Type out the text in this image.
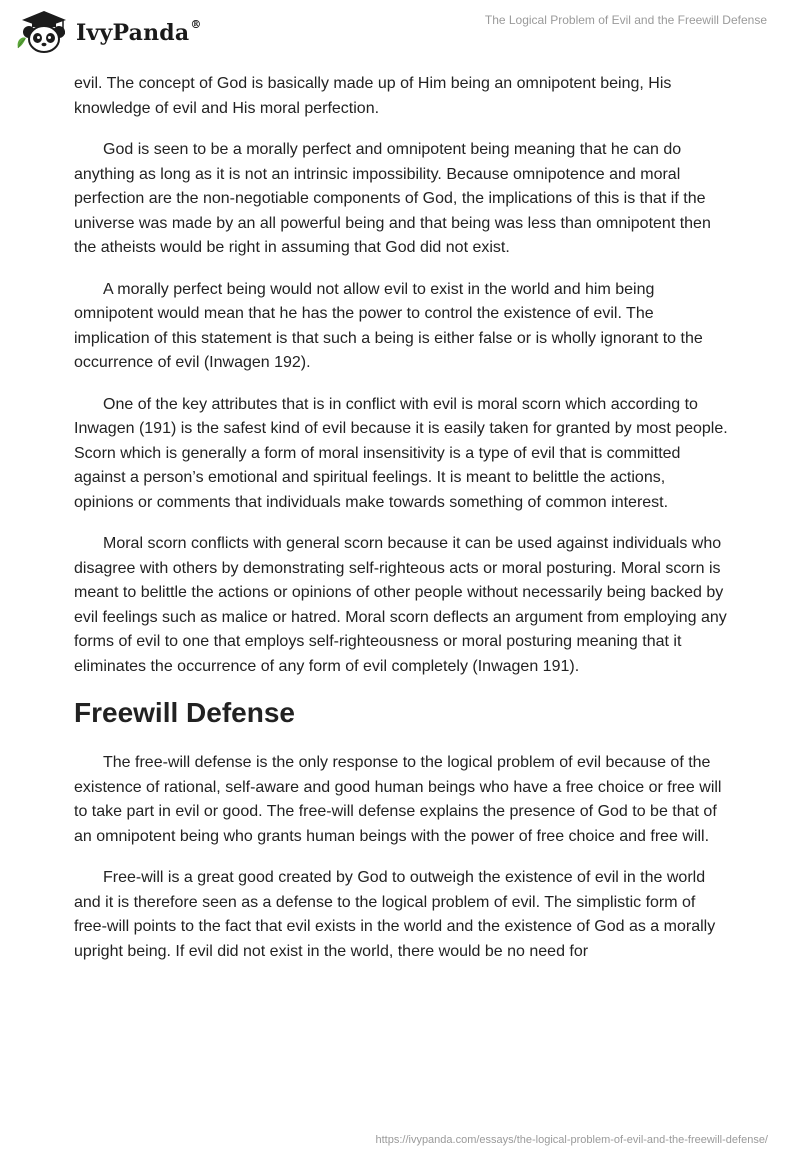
IvyPanda®	The Logical Problem of Evil and the Freewill Defense

evil. The concept of God is basically made up of Him being an omnipotent being, His knowledge of evil and His moral perfection.

God is seen to be a morally perfect and omnipotent being meaning that he can do anything as long as it is not an intrinsic impossibility. Because omnipotence and moral perfection are the non-negotiable components of God, the implications of this is that if the universe was made by an all powerful being and that being was less than omnipotent then the atheists would be right in assuming that God did not exist.

A morally perfect being would not allow evil to exist in the world and him being omnipotent would mean that he has the power to control the existence of evil. The implication of this statement is that such a being is either false or is wholly ignorant to the occurrence of evil (Inwagen 192).

One of the key attributes that is in conflict with evil is moral scorn which according to Inwagen (191) is the safest kind of evil because it is easily taken for granted by most people. Scorn which is generally a form of moral insensitivity is a type of evil that is committed against a person’s emotional and spiritual feelings. It is meant to belittle the actions, opinions or comments that individuals make towards something of common interest.

Moral scorn conflicts with general scorn because it can be used against individuals who disagree with others by demonstrating self-righteous acts or moral posturing. Moral scorn is meant to belittle the actions or opinions of other people without necessarily being backed by evil feelings such as malice or hatred. Moral scorn deflects an argument from employing any forms of evil to one that employs self-righteousness or moral posturing meaning that it eliminates the occurrence of any form of evil completely (Inwagen 191).

Freewill Defense

The free-will defense is the only response to the logical problem of evil because of the existence of rational, self-aware and good human beings who have a free choice or free will to take part in evil or good. The free-will defense explains the presence of God to be that of an omnipotent being who grants human beings with the power of free choice and free will.

Free-will is a great good created by God to outweigh the existence of evil in the world and it is therefore seen as a defense to the logical problem of evil. The simplistic form of free-will points to the fact that evil exists in the world and the existence of God as a morally upright being. If evil did not exist in the world, there would be no need for

https://ivypanda.com/essays/the-logical-problem-of-evil-and-the-freewill-defense/
